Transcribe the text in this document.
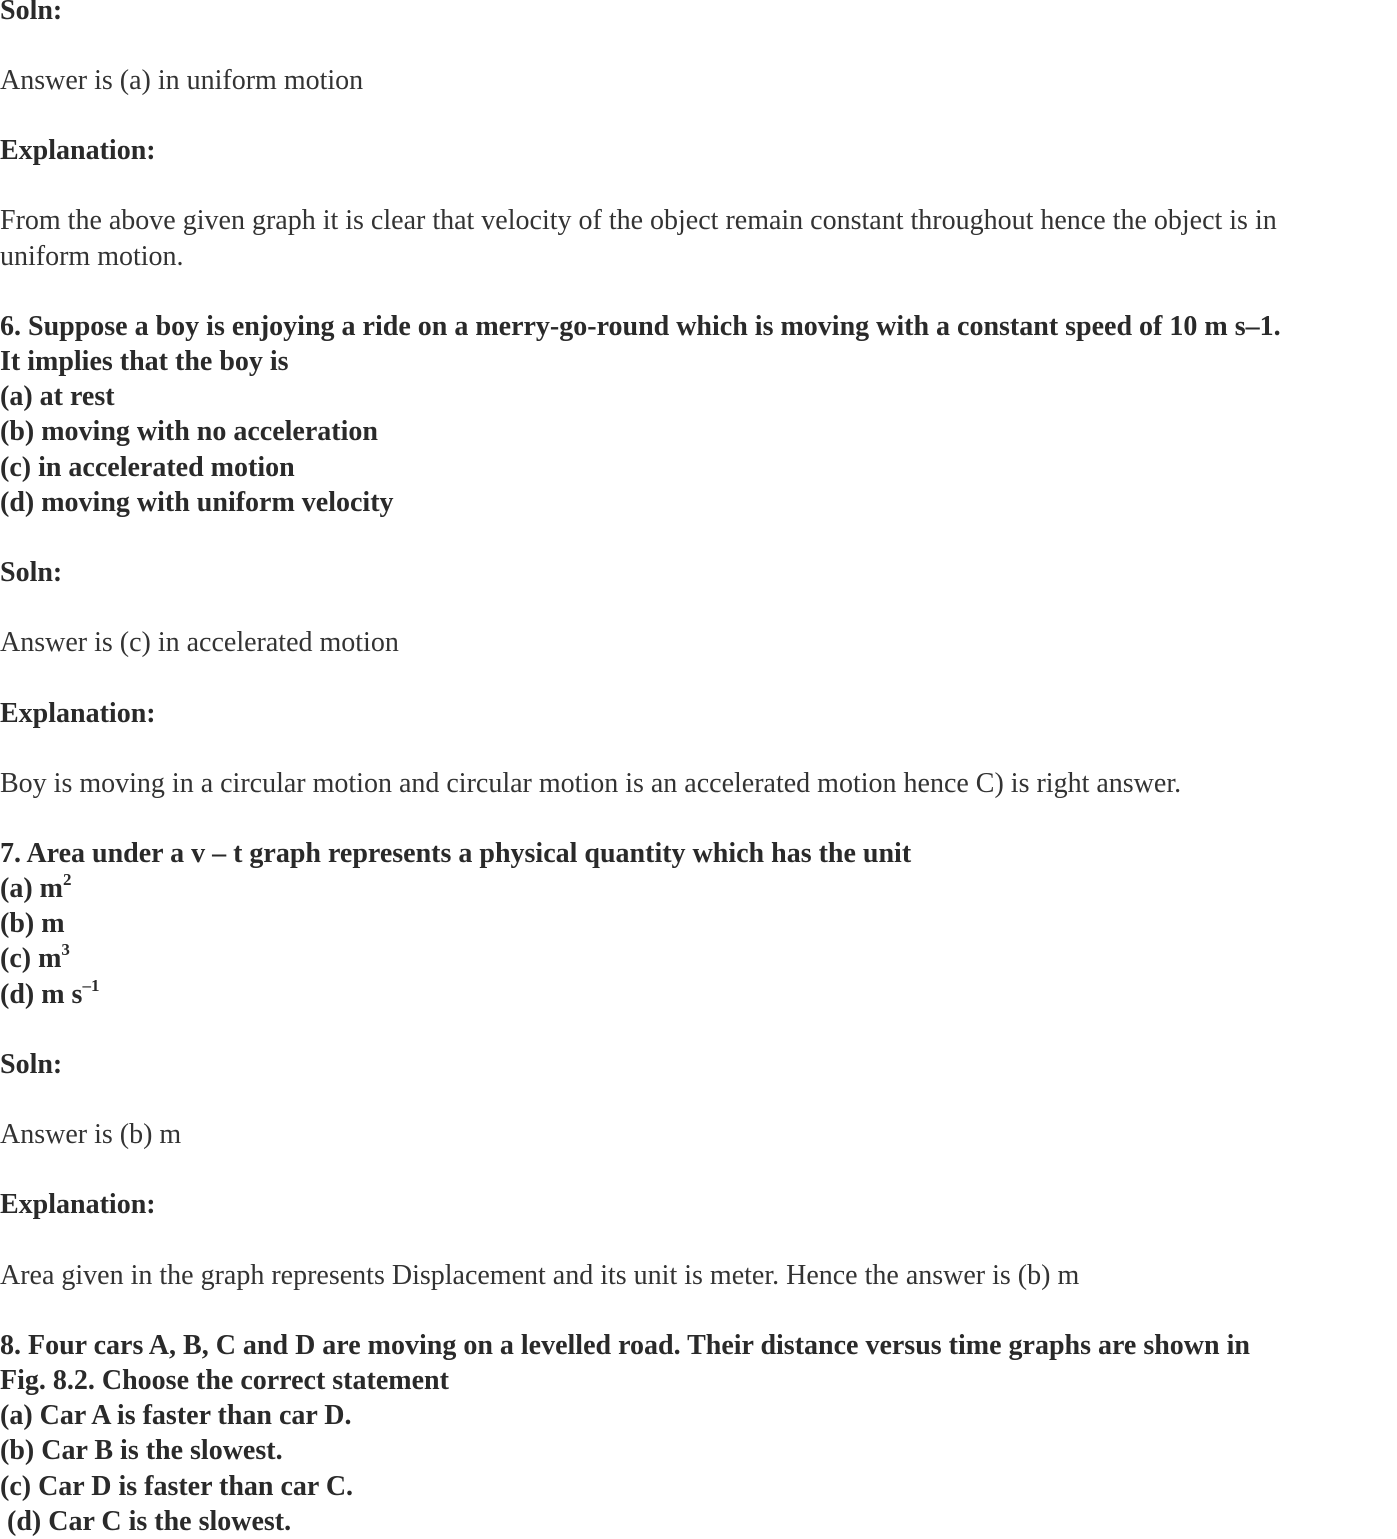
Soln:
Answer is (a) in uniform motion
Explanation:
From the above given graph it is clear that velocity of the object remain constant throughout hence the object is in
uniform motion.
6. Suppose a boy is enjoying a ride on a merry-go-round which is moving with a constant speed of 10 m s–1.
It implies that the boy is
(a) at rest
(b) moving with no acceleration
(c) in accelerated motion
(d) moving with uniform velocity
Soln:
Answer is (c) in accelerated motion
Explanation:
Boy is moving in a circular motion and circular motion is an accelerated motion hence C) is right answer.
7. Area under a v – t graph represents a physical quantity which has the unit
(a) $m^2$
(b) m
(c) $m^3$
(d) m $s^{-1}$
Soln:
Answer is (b) m
Explanation:
Area given in the graph represents Displacement and its unit is meter. Hence the answer is (b) m
8. Four cars A, B, C and D are moving on a levelled road. Their distance versus time graphs are shown in
Fig. 8.2. Choose the correct statement
(a) Car A is faster than car D.
(b) Car B is the slowest.
(c) Car D is faster than car C.
(d) Car C is the slowest.
